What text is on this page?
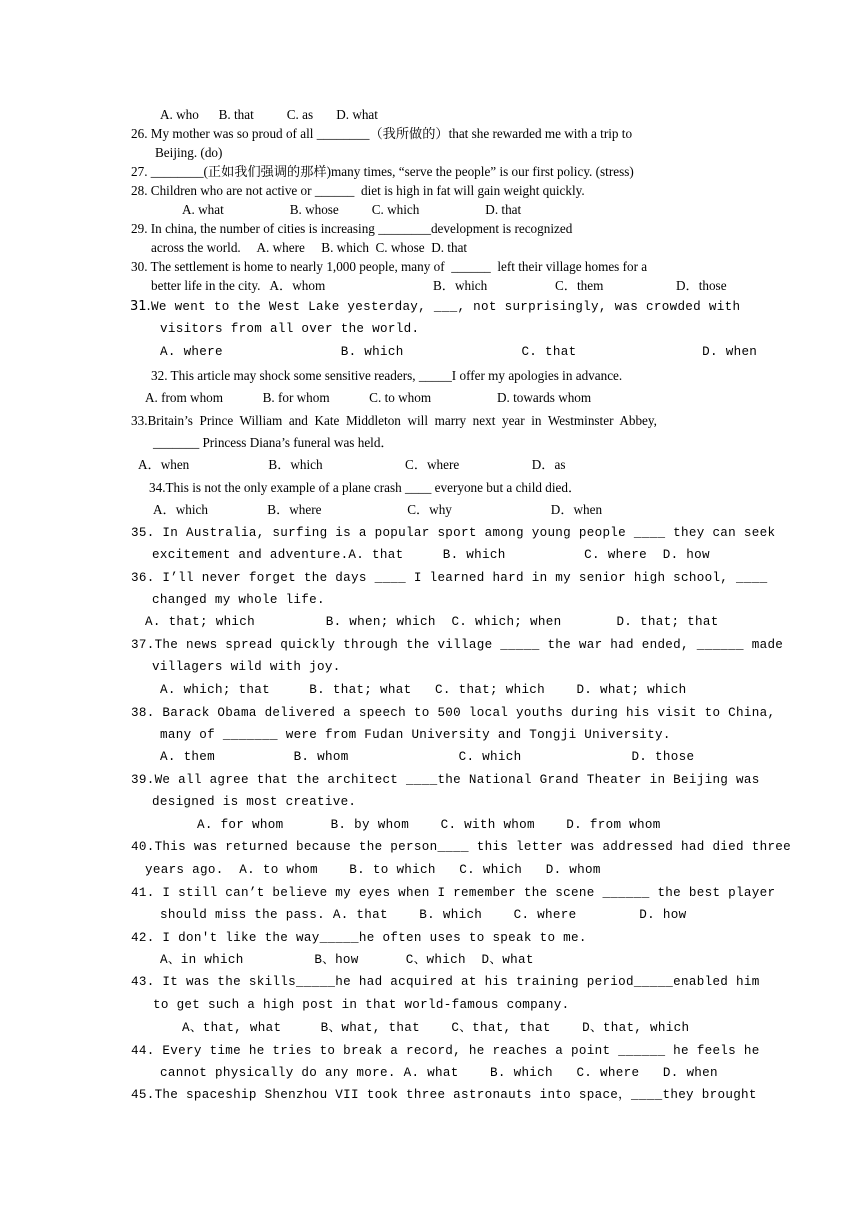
A. who      B. that          C. as       D. what
26. My mother was so proud of all ________（我所做的）that she rewarded me with a trip to
Beijing. (do)
27. ________(正如我们强调的那样)many times, “serve the people” is our first policy. (stress)
28. Children who are not active or ______  diet is high in fat will gain weight quickly.
A. what                    B. whose          C. which                    D. that
29. In china, the number of cities is increasing ________development is recognized
across the world.     A. where     B. which  C. whose  D. that
30. The settlement is home to nearly 1,000 people, many of  ______  left their village homes for a
better life in the city.   A．whom	B．which	C．them	D．those
31. We went to the West Lake yesterday, ___, not surprisingly, was crowded with
visitors from all over the world.
A. where               B. which               C. that                D. when
32. This article may shock some sensitive readers, _____I offer my apologies in advance.
A. from whom            B. for whom            C. to whom                    D. towards whom
33.Britain’s  Prince  William  and  Kate  Middleton  will  marry  next  year  in  Westminster  Abbey,
_______ Princess Diana’s funeral was held．
A．when                        B．which                         C．where                      D．as
34.This is not the only example of a plane crash ____ everyone but a child died．
A．which                  B．where                          C．why                              D．when
35. In Australia, surfing is a popular sport among young people ____ they can seek
excitement and adventure.A. that     B. which          C. where  D. how
36. I’ll never forget the days ____ I learned hard in my senior high school, ____
changed my whole life.
A. that; which         B. when; which  C. which; when       D. that; that
37.The news spread quickly through the village _____ the war had ended, ______ made
villagers wild with joy.
A. which; that     B. that; what   C. that; which    D. what; which
38. Barack Obama delivered a speech to 500 local youths during his visit to China,
many of _______ were from Fudan University and Tongji University.
A. them          B. whom              C. which              D. those
39.We all agree that the architect ____the National Grand Theater in Beijing was
designed is most creative.
A. for whom      B. by whom    C. with whom    D. from whom
40.This was returned because the person____ this letter was addressed had died three
years ago.  A. to whom    B. to which   C. which   D. whom
41. I still can’t believe my eyes when I remember the scene ______ the best player
should miss the pass. A. that    B. which    C. where        D. how
42. I don't like the way_____he often uses to speak to me.
A、in which         B、how      C、which  D、what
43. It was the skills_____he had acquired at his training period_____enabled him
to get such a high post in that world-famous company.
A、that, what     B、what, that    C、that, that    D、that, which
44. Every time he tries to break a record, he reaches a point ______ he feels he
cannot physically do any more. A. what    B. which   C. where   D. when
45.The spaceship Shenzhou VII took three astronauts into space，____they brought
